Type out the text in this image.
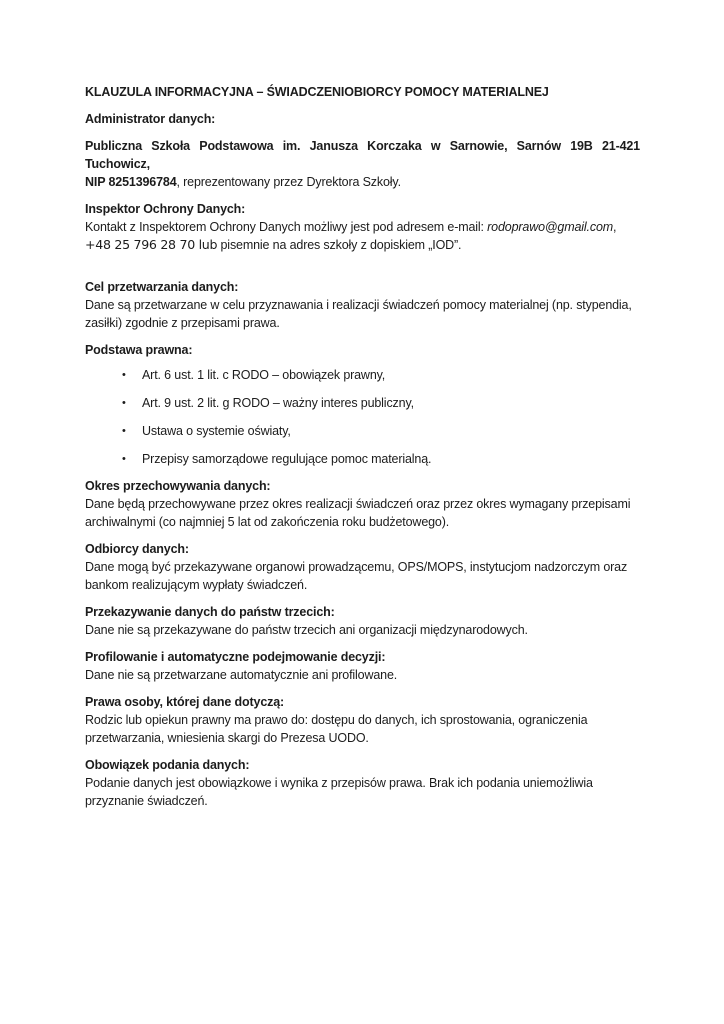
KLAUZULA INFORMACYJNA – ŚWIADCZENIOBIORCY POMOCY MATERIALNEJ
Administrator danych:
Publiczna Szkoła Podstawowa im. Janusza Korczaka w Sarnowie, Sarnów 19B 21-421 Tuchowicz,
NIP 8251396784, reprezentowany przez Dyrektora Szkoły.
Inspektor Ochrony Danych:
Kontakt z Inspektorem Ochrony Danych możliwy jest pod adresem e-mail: rodoprawo@gmail.com,
+48 25 796 28 70 lub pisemnie na adres szkoły z dopiskiem „IOD”.
Cel przetwarzania danych:
Dane są przetwarzane w celu przyznawania i realizacji świadczeń pomocy materialnej (np. stypendia,
zasiłki) zgodnie z przepisami prawa.
Podstawa prawna:
•	Art. 6 ust. 1 lit. c RODO – obowiązek prawny,
•	Art. 9 ust. 2 lit. g RODO – ważny interes publiczny,
•	Ustawa o systemie oświaty,
•	Przepisy samorządowe regulujące pomoc materialną.
Okres przechowywania danych:
Dane będą przechowywane przez okres realizacji świadczeń oraz przez okres wymagany przepisami
archiwalnymi (co najmniej 5 lat od zakończenia roku budżetowego).
Odbiorcy danych:
Dane mogą być przekazywane organowi prowadzącemu, OPS/MOPS, instytucjom nadzorczym oraz
bankom realizującym wypłaty świadczeń.
Przekazywanie danych do państw trzecich:
Dane nie są przekazywane do państw trzecich ani organizacji międzynarodowych.
Profilowanie i automatyczne podejmowanie decyzji:
Dane nie są przetwarzane automatycznie ani profilowane.
Prawa osoby, której dane dotyczą:
Rodzic lub opiekun prawny ma prawo do: dostępu do danych, ich sprostowania, ograniczenia
przetwarzania, wniesienia skargi do Prezesa UODO.
Obowiązek podania danych:
Podanie danych jest obowiązkowe i wynika z przepisów prawa. Brak ich podania uniemożliwia
przyznanie świadczeń.
